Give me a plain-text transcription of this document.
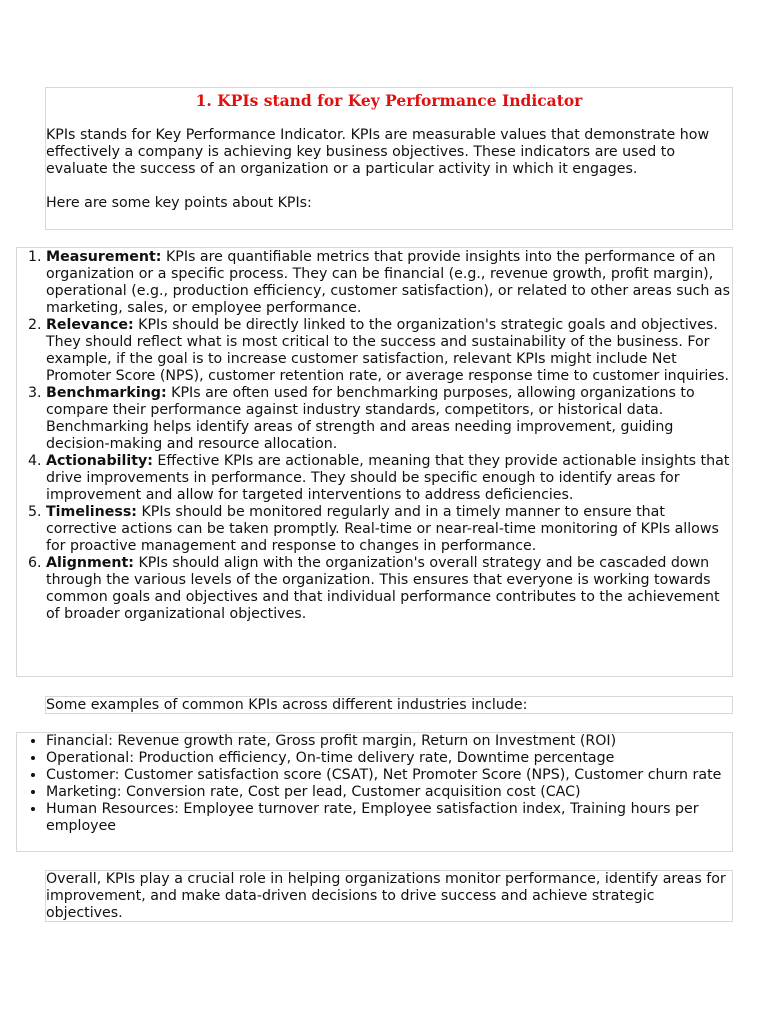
1. KPIs stand for Key Performance Indicator

KPIs stands for Key Performance Indicator. KPIs are measurable values that demonstrate how effectively a company is achieving key business objectives. These indicators are used to evaluate the success of an organization or a particular activity in which it engages.

Here are some key points about KPIs:

1. Measurement: KPIs are quantifiable metrics that provide insights into the performance of an organization or a specific process. They can be financial (e.g., revenue growth, profit margin), operational (e.g., production efficiency, customer satisfaction), or related to other areas such as marketing, sales, or employee performance.
2. Relevance: KPIs should be directly linked to the organization's strategic goals and objectives. They should reflect what is most critical to the success and sustainability of the business. For example, if the goal is to increase customer satisfaction, relevant KPIs might include Net Promoter Score (NPS), customer retention rate, or average response time to customer inquiries.
3. Benchmarking: KPIs are often used for benchmarking purposes, allowing organizations to compare their performance against industry standards, competitors, or historical data. Benchmarking helps identify areas of strength and areas needing improvement, guiding decision-making and resource allocation.
4. Actionability: Effective KPIs are actionable, meaning that they provide actionable insights that drive improvements in performance. They should be specific enough to identify areas for improvement and allow for targeted interventions to address deficiencies.
5. Timeliness: KPIs should be monitored regularly and in a timely manner to ensure that corrective actions can be taken promptly. Real-time or near-real-time monitoring of KPIs allows for proactive management and response to changes in performance.
6. Alignment: KPIs should align with the organization's overall strategy and be cascaded down through the various levels of the organization. This ensures that everyone is working towards common goals and objectives and that individual performance contributes to the achievement of broader organizational objectives.

Some examples of common KPIs across different industries include:

• Financial: Revenue growth rate, Gross profit margin, Return on Investment (ROI)
• Operational: Production efficiency, On-time delivery rate, Downtime percentage
• Customer: Customer satisfaction score (CSAT), Net Promoter Score (NPS), Customer churn rate
• Marketing: Conversion rate, Cost per lead, Customer acquisition cost (CAC)
• Human Resources: Employee turnover rate, Employee satisfaction index, Training hours per employee

Overall, KPIs play a crucial role in helping organizations monitor performance, identify areas for improvement, and make data-driven decisions to drive success and achieve strategic objectives.
